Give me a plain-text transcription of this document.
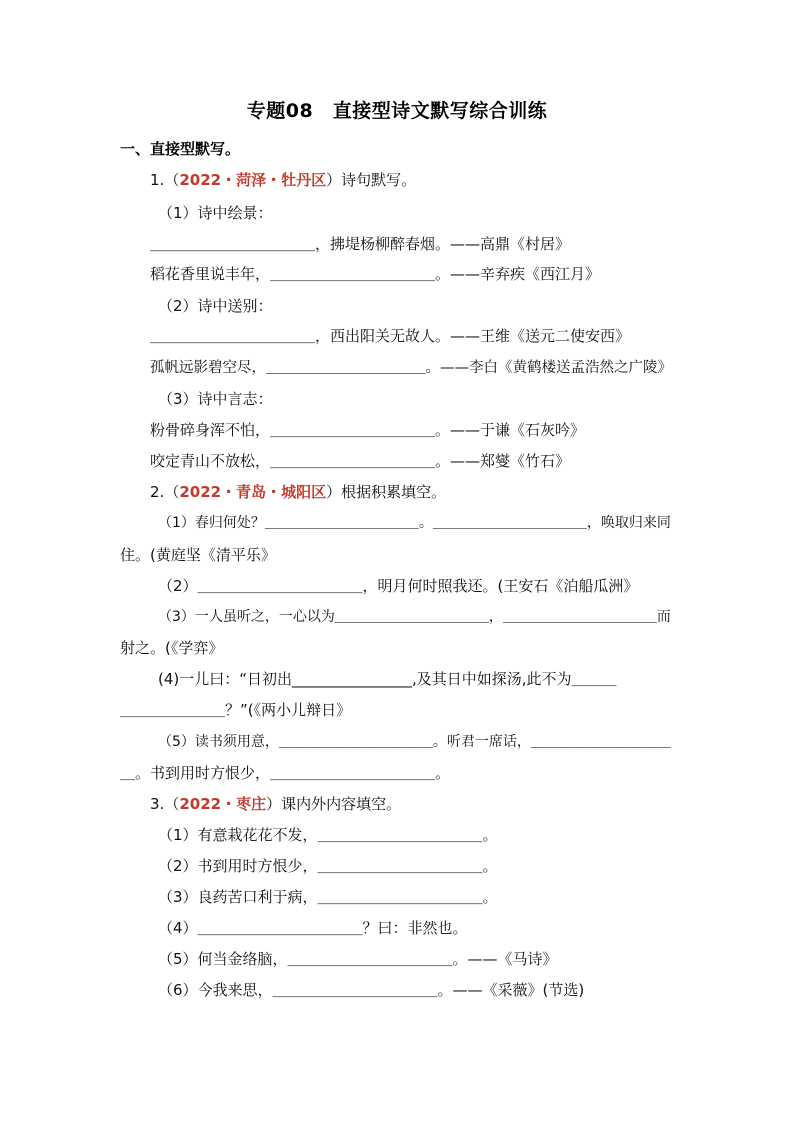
专题08　直接型诗文默写综合训练
一、直接型默写。
1.（2022・菏泽・牡丹区）诗句默写。
（1）诗中绘景：
＿＿＿＿＿＿＿＿＿＿＿，拂堤杨柳醉春烟。——高鼎《村居》
稻花香里说丰年，＿＿＿＿＿＿＿＿＿＿＿。——辛弃疾《西江月》
（2）诗中送别：
＿＿＿＿＿＿＿＿＿＿＿，西出阳关无故人。——王维《送元二使安西》
孤帆远影碧空尽，＿＿＿＿＿＿＿＿＿＿＿。——李白《黄鹤楼送孟浩然之广陵》
（3）诗中言志：
粉骨碎身浑不怕，＿＿＿＿＿＿＿＿＿＿＿。——于谦《石灰吟》
咬定青山不放松，＿＿＿＿＿＿＿＿＿＿＿。——郑燮《竹石》
2.（2022・青岛・城阳区）根据积累填空。
（1）春归何处？＿＿＿＿＿＿＿＿＿＿＿。＿＿＿＿＿＿＿＿＿＿＿，唤取归来同
住。(黄庭坚《清平乐》
（2）＿＿＿＿＿＿＿＿＿＿＿，明月何时照我还。(王安石《泊船瓜洲》
（3）一人虽听之，一心以为＿＿＿＿＿＿＿＿＿＿＿，＿＿＿＿＿＿＿＿＿＿＿而
射之。(《学弈》
(4)一儿曰：“日初出________________,及其日中如探汤,此不为＿＿＿
＿＿＿＿＿＿＿？”(《两小儿辩日》
（5）读书须用意，＿＿＿＿＿＿＿＿＿＿＿。听君一席话，＿＿＿＿＿＿＿＿＿＿
＿。书到用时方恨少，＿＿＿＿＿＿＿＿＿＿＿。
3.（2022・枣庄）课内外内容填空。
（1）有意栽花花不发，＿＿＿＿＿＿＿＿＿＿＿。
（2）书到用时方恨少，＿＿＿＿＿＿＿＿＿＿＿。
（3）良药苦口利于病，＿＿＿＿＿＿＿＿＿＿＿。
（4）＿＿＿＿＿＿＿＿＿＿＿？曰：非然也。
（5）何当金络脑，＿＿＿＿＿＿＿＿＿＿＿。——《马诗》
（6）今我来思，＿＿＿＿＿＿＿＿＿＿＿。——《采薇》(节选)
